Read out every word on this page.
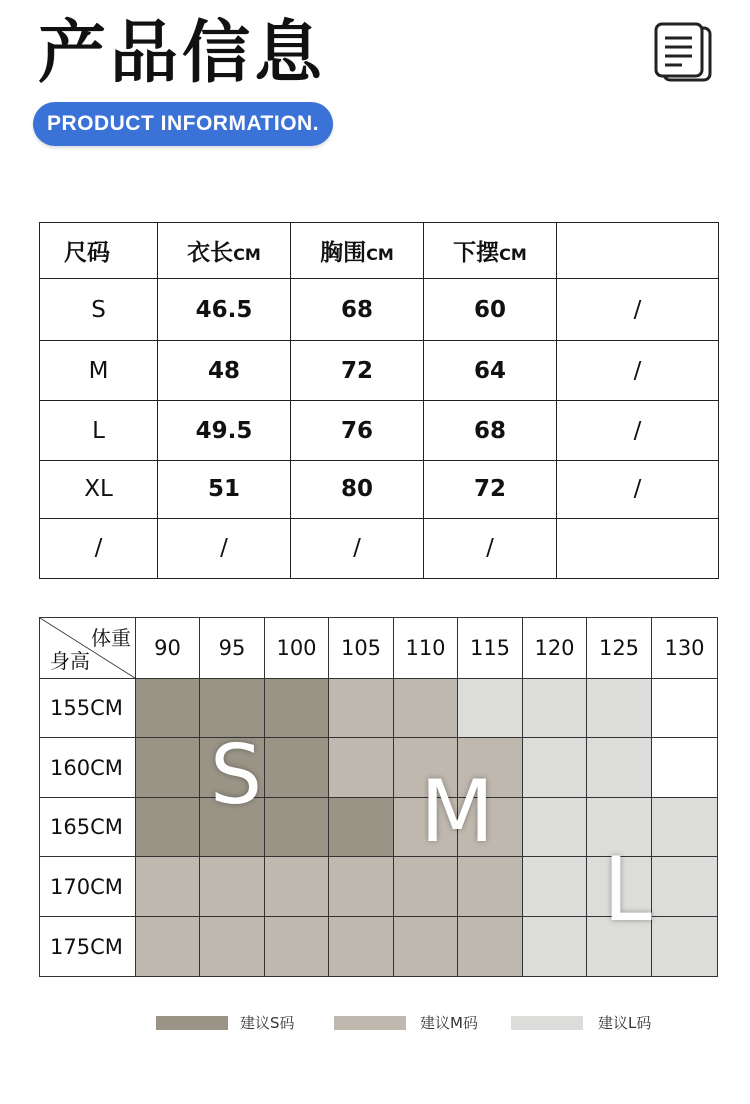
产品信息
PRODUCT INFORMATION.
尺码	衣长CM	胸围CM	下摆CM	
S	46.5	68	60	/
M	48	72	64	/
L	49.5	76	68	/
XL	51	80	72	/
/	/	/	/	
体重
身高	90	95	100	105	110	115	120	125	130
155CM									
160CM									
165CM									
170CM									
175CM									
S M
L
建议S码	建议M码	建议L码
